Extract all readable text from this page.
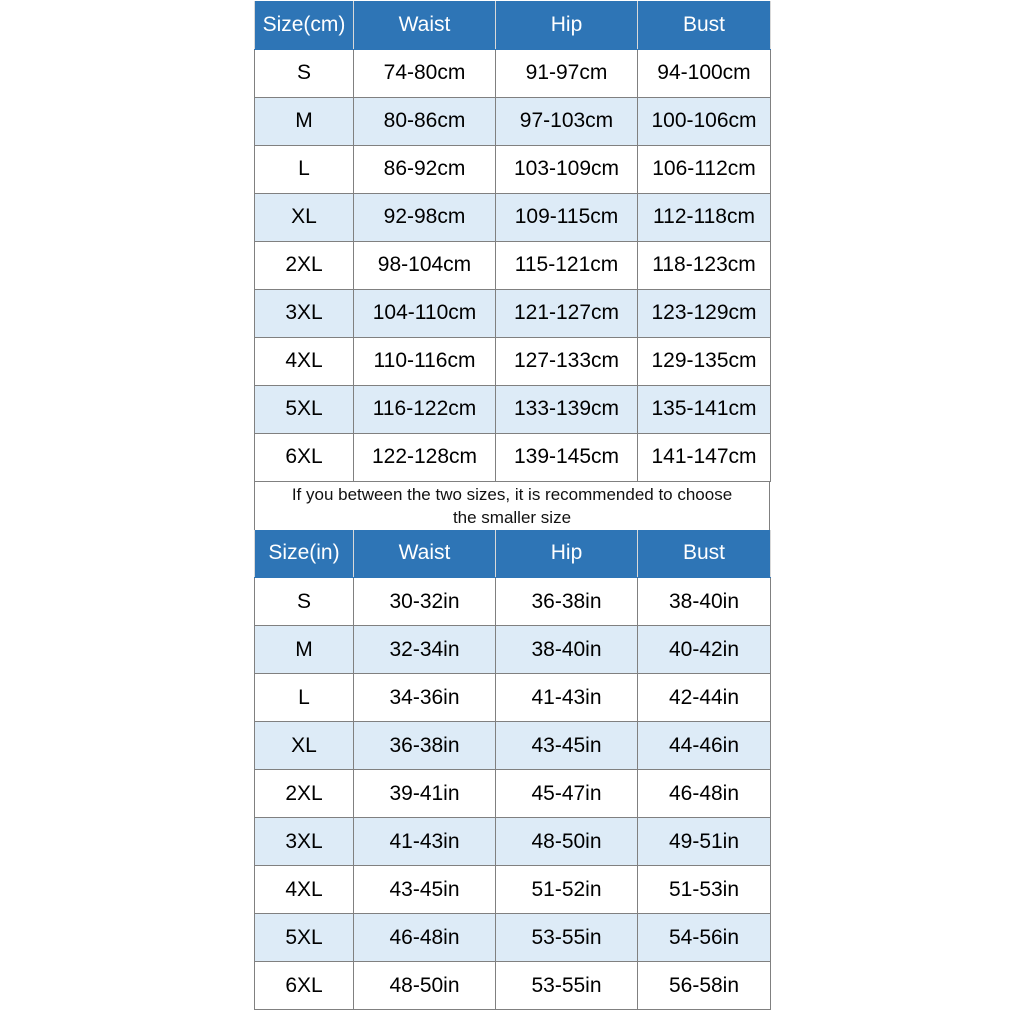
Size(cm)	Waist	Hip	Bust
S	74-80cm	91-97cm	94-100cm
M	80-86cm	97-103cm	100-106cm
L	86-92cm	103-109cm	106-112cm
XL	92-98cm	109-115cm	112-118cm
2XL	98-104cm	115-121cm	118-123cm
3XL	104-110cm	121-127cm	123-129cm
4XL	110-116cm	127-133cm	129-135cm
5XL	116-122cm	133-139cm	135-141cm
6XL	122-128cm	139-145cm	141-147cm
If you between the two sizes, it is recommended to choose
the smaller size
Size(in)	Waist	Hip	Bust
S	30-32in	36-38in	38-40in
M	32-34in	38-40in	40-42in
L	34-36in	41-43in	42-44in
XL	36-38in	43-45in	44-46in
2XL	39-41in	45-47in	46-48in
3XL	41-43in	48-50in	49-51in
4XL	43-45in	51-52in	51-53in
5XL	46-48in	53-55in	54-56in
6XL	48-50in	53-55in	56-58in
